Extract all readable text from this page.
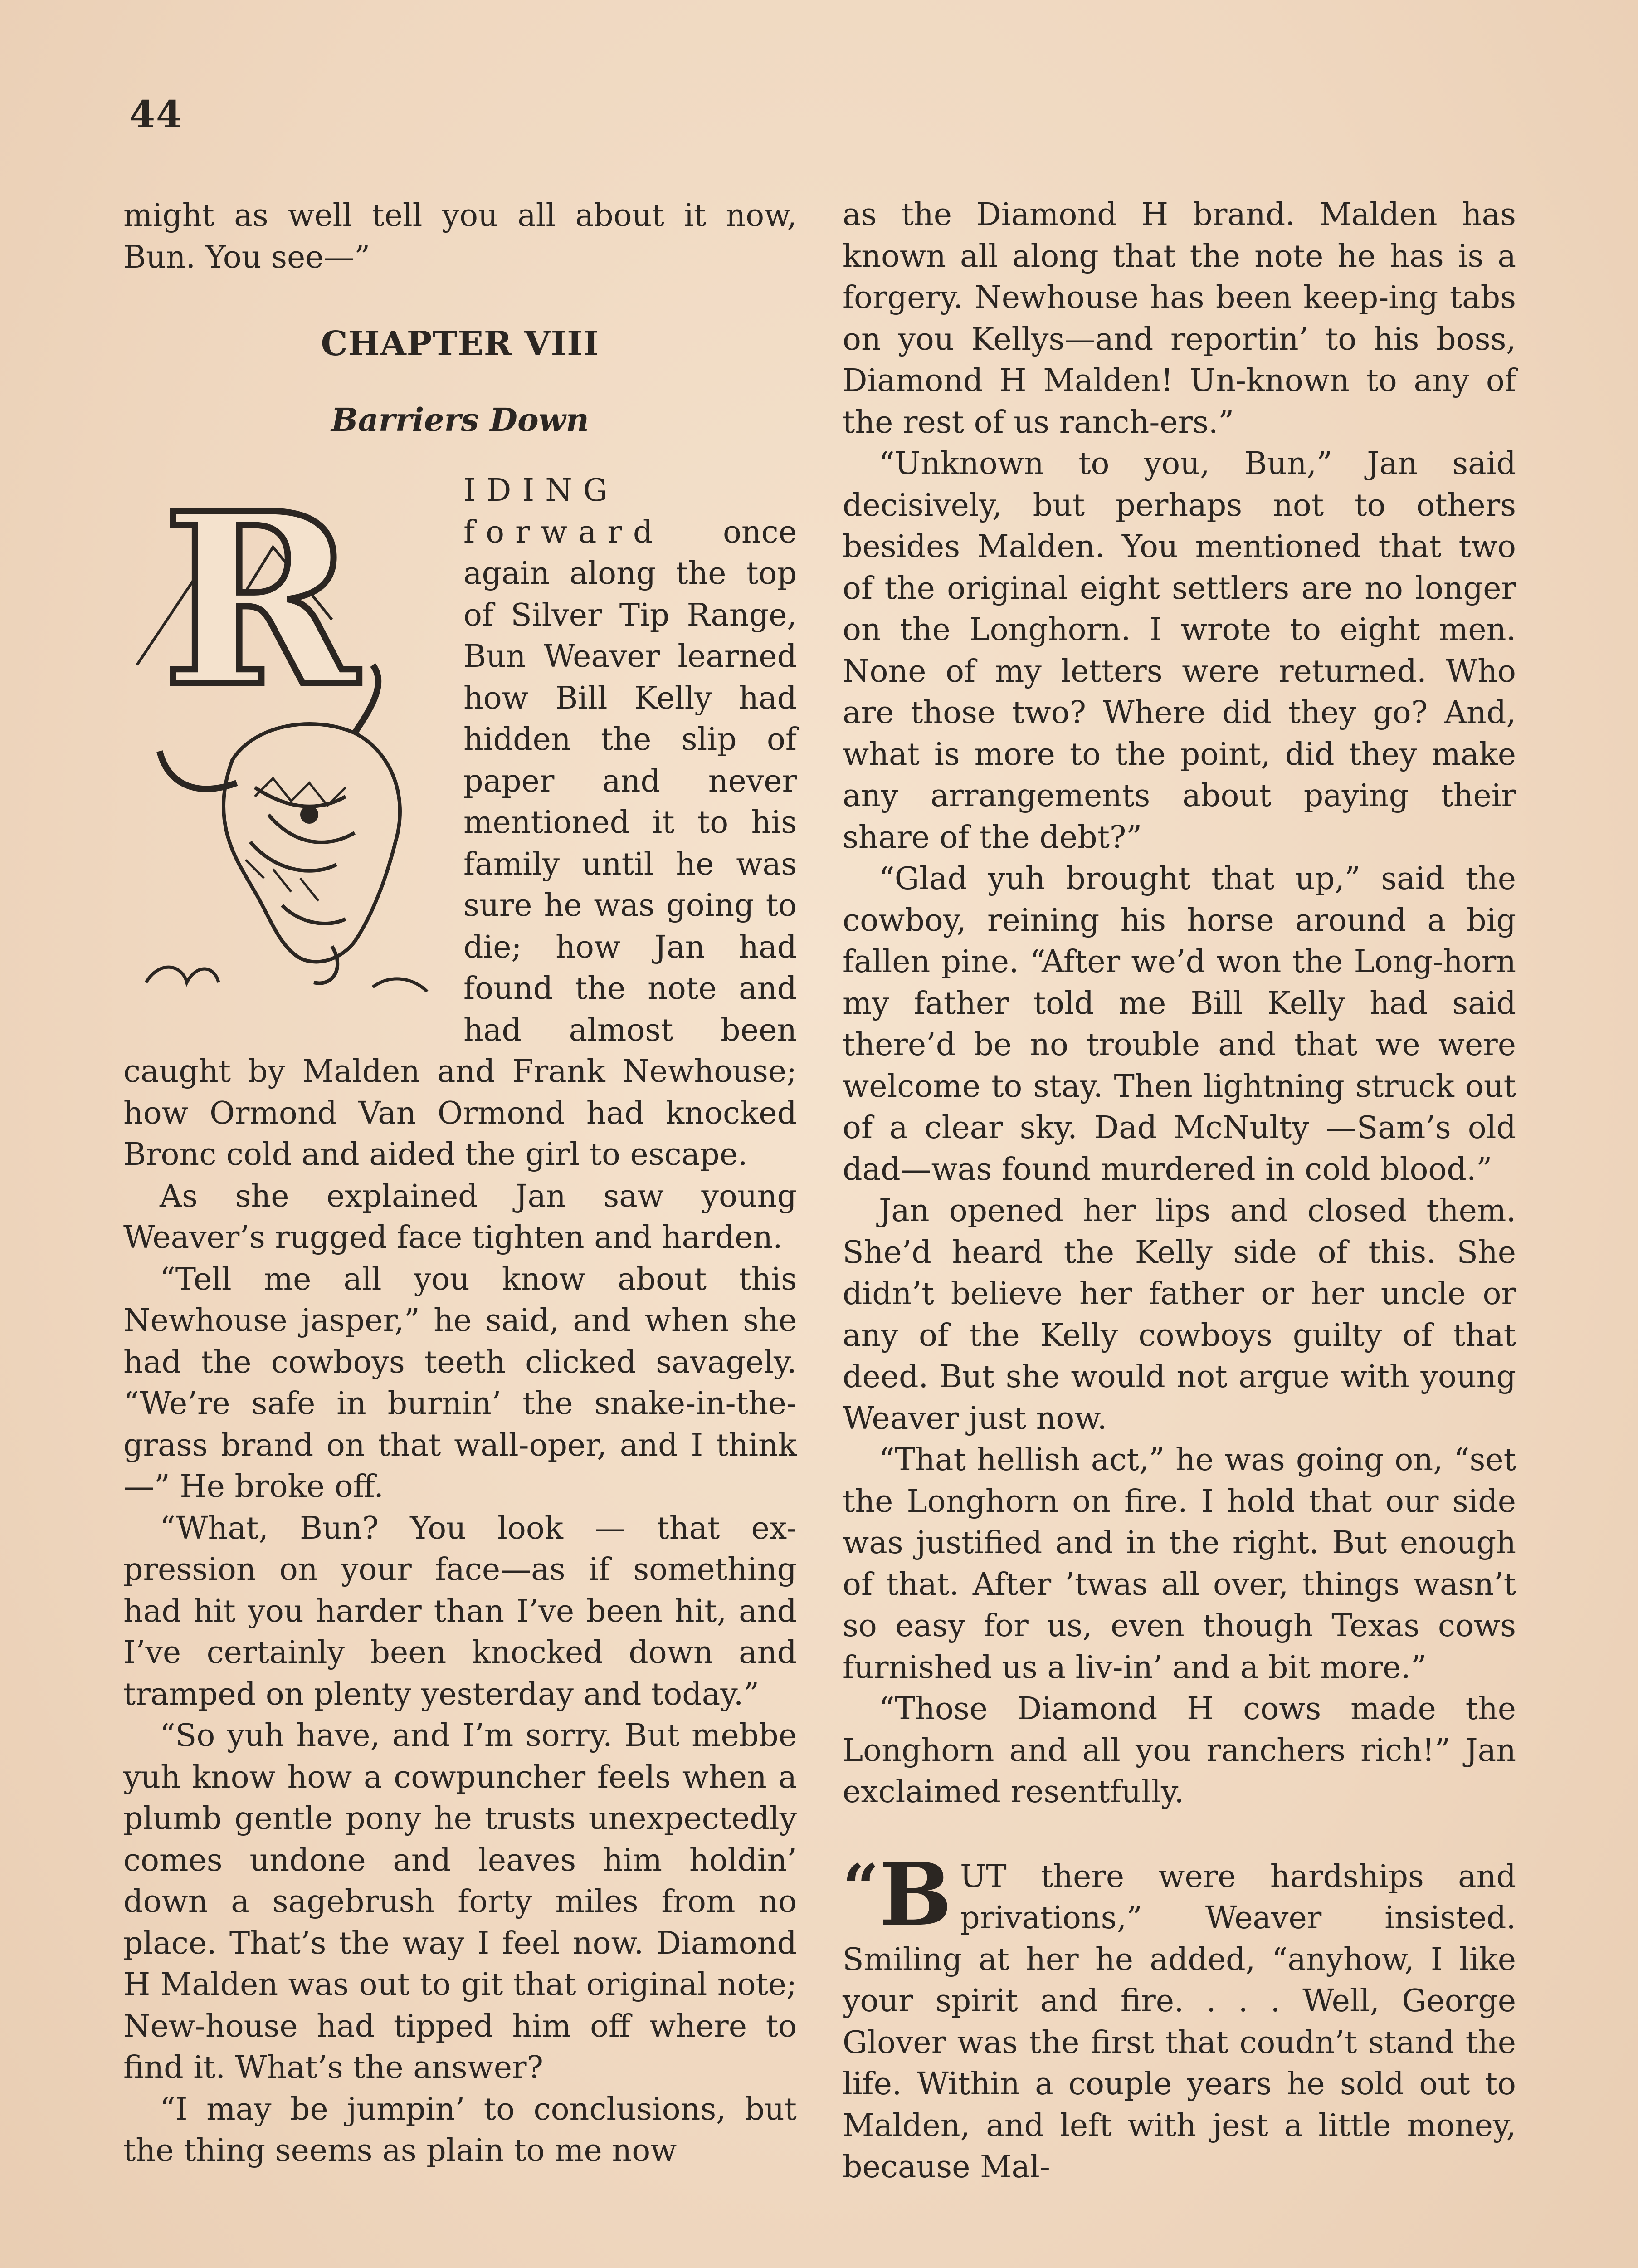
44

might as well tell you all about it now, Bun. You see—”

CHAPTER VIII
Barriers Down
R	IDING forward once again along the top of Silver Tip Range, Bun Weaver learned how Bill Kelly had hidden the slip of paper and never mentioned it to his family until he was sure he was going to die; how Jan had found the note and had almost been caught by Malden and Frank Newhouse; how Ormond Van Ormond had knocked Bronc cold and aided the girl to escape.

As she explained Jan saw young Weaver’s rugged face tighten and harden.

“Tell me all you know about this Newhouse jasper,” he said, and when she had the cowboys teeth clicked savagely. “We’re safe in burnin’ the snake-in-the-grass brand on that wall-oper, and I think—” He broke off.

“What, Bun? You look — that ex-pression on your face—as if something had hit you harder than I’ve been hit, and I’ve certainly been knocked down and tramped on plenty yesterday and today.”

“So yuh have, and I’m sorry. But mebbe yuh know how a cowpuncher feels when a plumb gentle pony he trusts unexpectedly comes undone and leaves him holdin’ down a sagebrush forty miles from no place. That’s the way I feel now. Diamond H Malden was out to git that original note; New-house had tipped him off where to find it. What’s the answer?

“I may be jumpin’ to conclusions, but the thing seems as plain to me now

as the Diamond H brand. Malden has known all along that the note he has is a forgery. Newhouse has been keep-ing tabs on you Kellys—and reportin’ to his boss, Diamond H Malden! Un-known to any of the rest of us ranch-ers.”

“Unknown to you, Bun,” Jan said decisively, but perhaps not to others besides Malden. You mentioned that two of the original eight settlers are no longer on the Longhorn. I wrote to eight men. None of my letters were returned. Who are those two? Where did they go? And, what is more to the point, did they make any arrangements about paying their share of the debt?”

“Glad yuh brought that up,” said the cowboy, reining his horse around a big fallen pine. “After we’d won the Long-horn my father told me Bill Kelly had said there’d be no trouble and that we were welcome to stay. Then lightning struck out of a clear sky. Dad McNulty —Sam’s old dad—was found murdered in cold blood.”

Jan opened her lips and closed them. She’d heard the Kelly side of this. She didn’t believe her father or her uncle or any of the Kelly cowboys guilty of that deed. But she would not argue with young Weaver just now.

“That hellish act,” he was going on, “set the Longhorn on fire. I hold that our side was justified and in the right. But enough of that. After ’twas all over, things wasn’t so easy for us, even though Texas cows furnished us a liv-in’ and a bit more.”

“Those Diamond H cows made the Longhorn and all you ranchers rich!” Jan exclaimed resentfully.

“B UT there were hardships and privations,” Weaver insisted. Smiling at her he added, “anyhow, I like your spirit and fire. . . . Well, George Glover was the first that coudn’t stand the life. Within a couple years he sold out to Malden, and left with jest a little money, because Mal-
